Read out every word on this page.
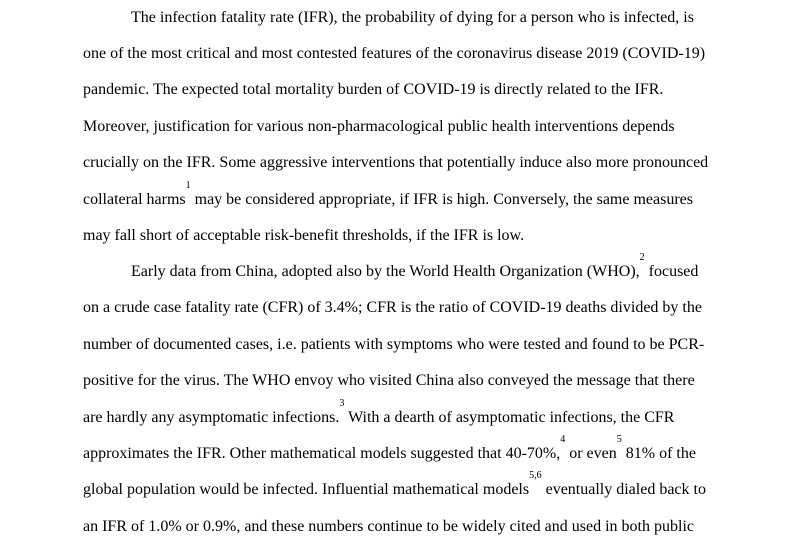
The infection fatality rate (IFR), the probability of dying for a person who is infected, is
one of the most critical and most contested features of the coronavirus disease 2019 (COVID-19)
pandemic. The expected total mortality burden of COVID-19 is directly related to the IFR.
Moreover, justification for various non-pharmacological public health interventions depends
crucially on the IFR. Some aggressive interventions that potentially induce also more pronounced
collateral harms$^1$ may be considered appropriate, if IFR is high. Conversely, the same measures
may fall short of acceptable risk-benefit thresholds, if the IFR is low.
Early data from China, adopted also by the World Health Organization (WHO),$^2$ focused
on a crude case fatality rate (CFR) of 3.4%; CFR is the ratio of COVID-19 deaths divided by the
number of documented cases, i.e. patients with symptoms who were tested and found to be PCR-
positive for the virus. The WHO envoy who visited China also conveyed the message that there
are hardly any asymptomatic infections.$^3$ With a dearth of asymptomatic infections, the CFR
approximates the IFR. Other mathematical models suggested that 40-70%,$^4$ or even$^5$ 81% of the
global population would be infected. Influential mathematical models$^{5,6}$ eventually dialed back to
an IFR of 1.0% or 0.9%, and these numbers continue to be widely cited and used in both public
